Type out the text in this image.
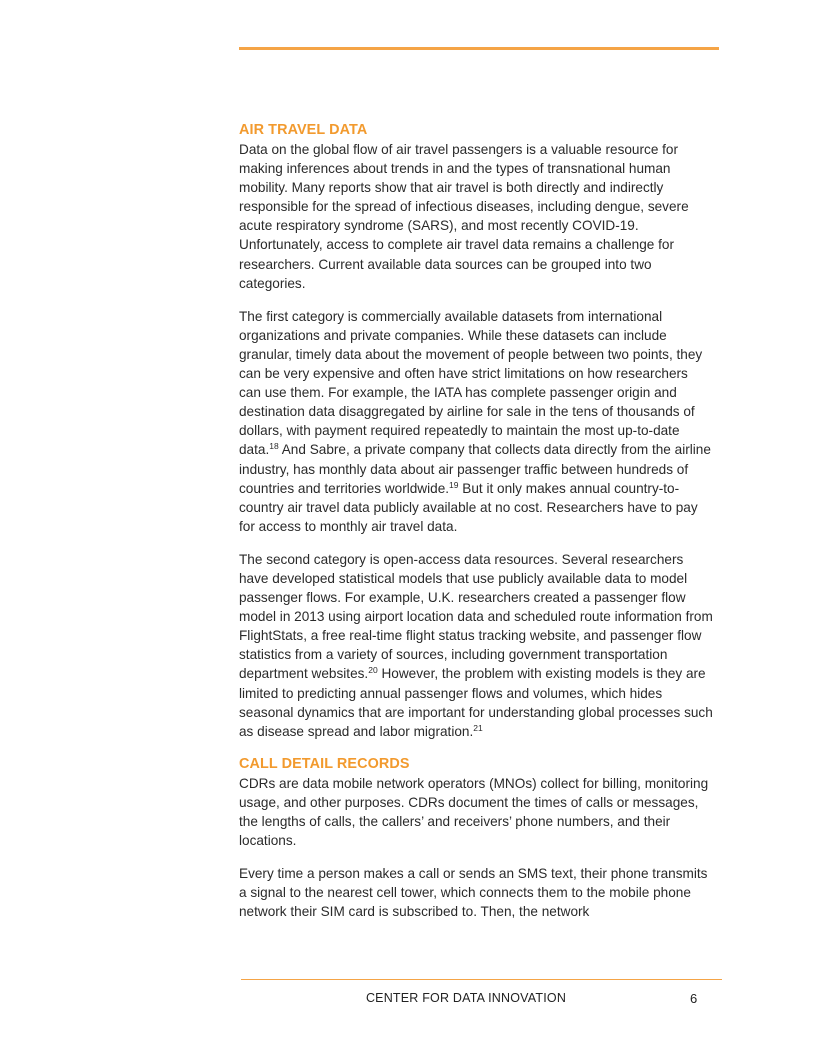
AIR TRAVEL DATA

Data on the global flow of air travel passengers is a valuable resource for making inferences about trends in and the types of transnational human mobility. Many reports show that air travel is both directly and indirectly responsible for the spread of infectious diseases, including dengue, severe acute respiratory syndrome (SARS), and most recently COVID-19. Unfortunately, access to complete air travel data remains a challenge for researchers. Current available data sources can be grouped into two categories.

The first category is commercially available datasets from international organizations and private companies. While these datasets can include granular, timely data about the movement of people between two points, they can be very expensive and often have strict limitations on how researchers can use them. For example, the IATA has complete passenger origin and destination data disaggregated by airline for sale in the tens of thousands of dollars, with payment required repeatedly to maintain the most up-to-date data.$^{18}$ And Sabre, a private company that collects data directly from the airline industry, has monthly data about air passenger traffic between hundreds of countries and territories worldwide.$^{19}$ But it only makes annual country-to-country air travel data publicly available at no cost. Researchers have to pay for access to monthly air travel data.

The second category is open-access data resources. Several researchers have developed statistical models that use publicly available data to model passenger flows. For example, U.K. researchers created a passenger flow model in 2013 using airport location data and scheduled route information from FlightStats, a free real-time flight status tracking website, and passenger flow statistics from a variety of sources, including government transportation department websites.$^{20}$ However, the problem with existing models is they are limited to predicting annual passenger flows and volumes, which hides seasonal dynamics that are important for understanding global processes such as disease spread and labor migration.$^{21}$

CALL DETAIL RECORDS

CDRs are data mobile network operators (MNOs) collect for billing, monitoring usage, and other purposes. CDRs document the times of calls or messages, the lengths of calls, the callers’ and receivers’ phone numbers, and their locations.

Every time a person makes a call or sends an SMS text, their phone transmits a signal to the nearest cell tower, which connects them to the mobile phone network their SIM card is subscribed to. Then, the network

CENTER FOR DATA INNOVATION	6
